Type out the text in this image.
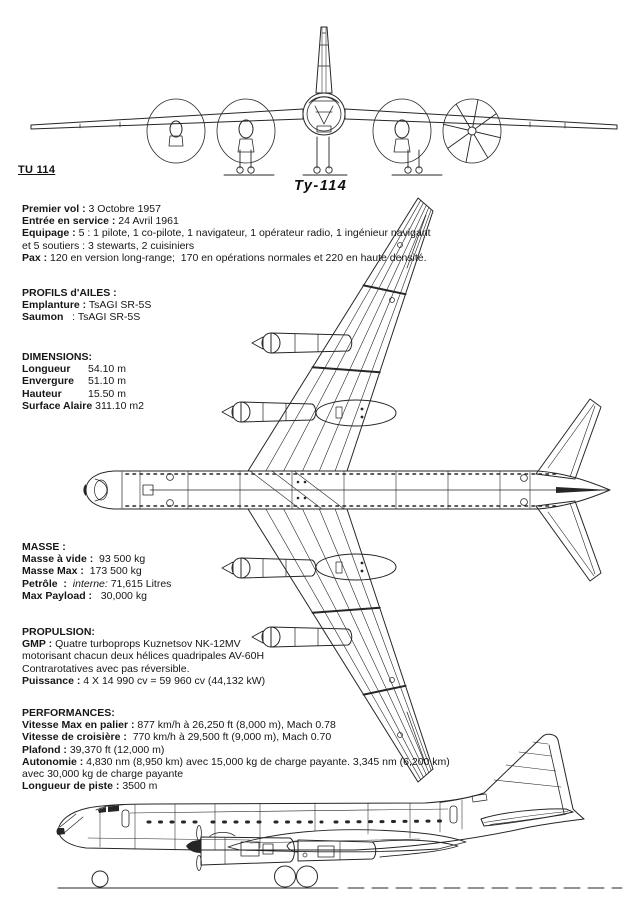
TU 114
Ty-114
Premier vol : 3 Octobre 1957
Entrée en service : 24 Avril 1961
Equipage : 5 : 1 pilote, 1 co-pilote, 1 navigateur, 1 opérateur radio, 1 ingénieur navigant
et 5 soutiers : 3 stewarts, 2 cuisiniers
Pax : 120 en version long-range;  170 en opérations normales et 220 en haute densité.
PROFILS d'AILES :
Emplanture : TsAGI SR-5S
Saumon   : TsAGI SR-5S
DIMENSIONS:
Longueur 54.10 m
Envergure 51.10 m
Hauteur	15.50 m
Surface Alaire 311.10 m2
MASSE :
Masse à vide :  93 500 kg
Masse Max :  173 500 kg
Petrôle  :  interne: 71,615 Litres
Max Payload :   30,000 kg
PROPULSION:
GMP : Quatre turboprops Kuznetsov NK-12MV
motorisant chacun deux hélices quadripales AV-60H
Contrarotatives avec pas réversible.
Puissance : 4 X 14 990 cv = 59 960 cv (44,132 kW)
PERFORMANCES:
Vitesse Max en palier : 877 km/h à 26,250 ft (8,000 m), Mach 0.78
Vitesse de croisière :  770 km/h à 29,500 ft (9,000 m), Mach 0.70
Plafond : 39,370 ft (12,000 m)
Autonomie : 4,830 nm (8,950 km) avec 15,000 kg de charge payante. 3,345 nm (6,200 km)
avec 30,000 kg de charge payante
Longueur de piste : 3500 m
